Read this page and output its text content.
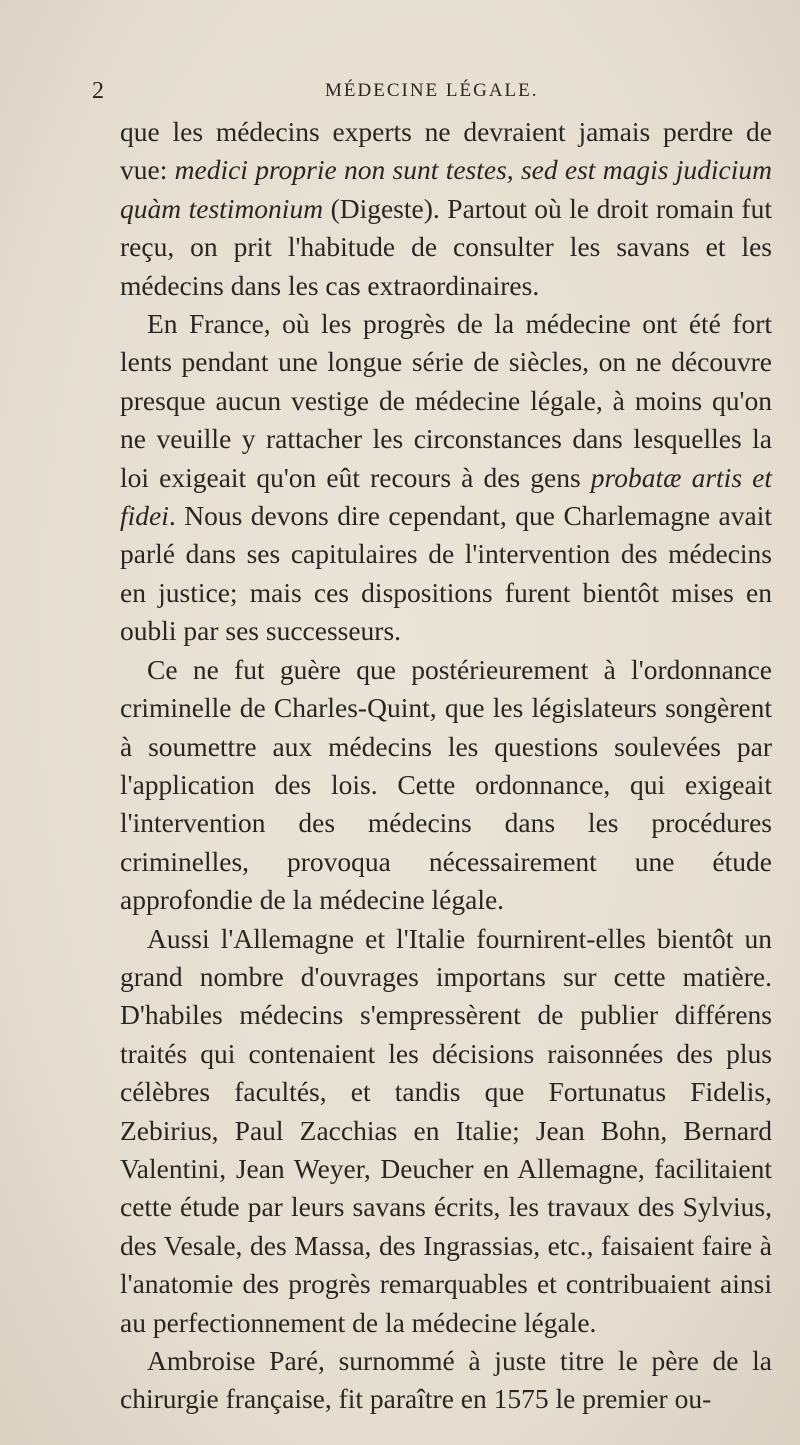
2	MÉDECINE LÉGALE.

que les médecins experts ne devraient jamais perdre de vue: medici proprie non sunt testes, sed est magis judicium quàm testimonium (Digeste). Partout où le droit romain fut reçu, on prit l'habitude de consulter les savans et les médecins dans les cas extraordinaires.

En France, où les progrès de la médecine ont été fort lents pendant une longue série de siècles, on ne découvre presque aucun vestige de médecine légale, à moins qu'on ne veuille y rattacher les circonstances dans lesquelles la loi exigeait qu'on eût recours à des gens probatæ artis et fidei. Nous devons dire cependant, que Charlemagne avait parlé dans ses capitulaires de l'intervention des médecins en justice; mais ces dispositions furent bientôt mises en oubli par ses successeurs.

Ce ne fut guère que postérieurement à l'ordonnance criminelle de Charles-Quint, que les législateurs songèrent à soumettre aux médecins les questions soulevées par l'application des lois. Cette ordonnance, qui exigeait l'intervention des médecins dans les procédures criminelles, provoqua nécessairement une étude approfondie de la médecine légale.

Aussi l'Allemagne et l'Italie fournirent-elles bientôt un grand nombre d'ouvrages importans sur cette matière. D'habiles médecins s'empressèrent de publier différens traités qui contenaient les décisions raisonnées des plus célèbres facultés, et tandis que Fortunatus Fidelis, Zebirius, Paul Zacchias en Italie; Jean Bohn, Bernard Valentini, Jean Weyer, Deucher en Allemagne, facilitaient cette étude par leurs savans écrits, les travaux des Sylvius, des Vesale, des Massa, des Ingrassias, etc., faisaient faire à l'anatomie des progrès remarquables et contribuaient ainsi au perfectionnement de la médecine légale.

Ambroise Paré, surnommé à juste titre le père de la chirurgie française, fit paraître en 1575 le premier ou-
